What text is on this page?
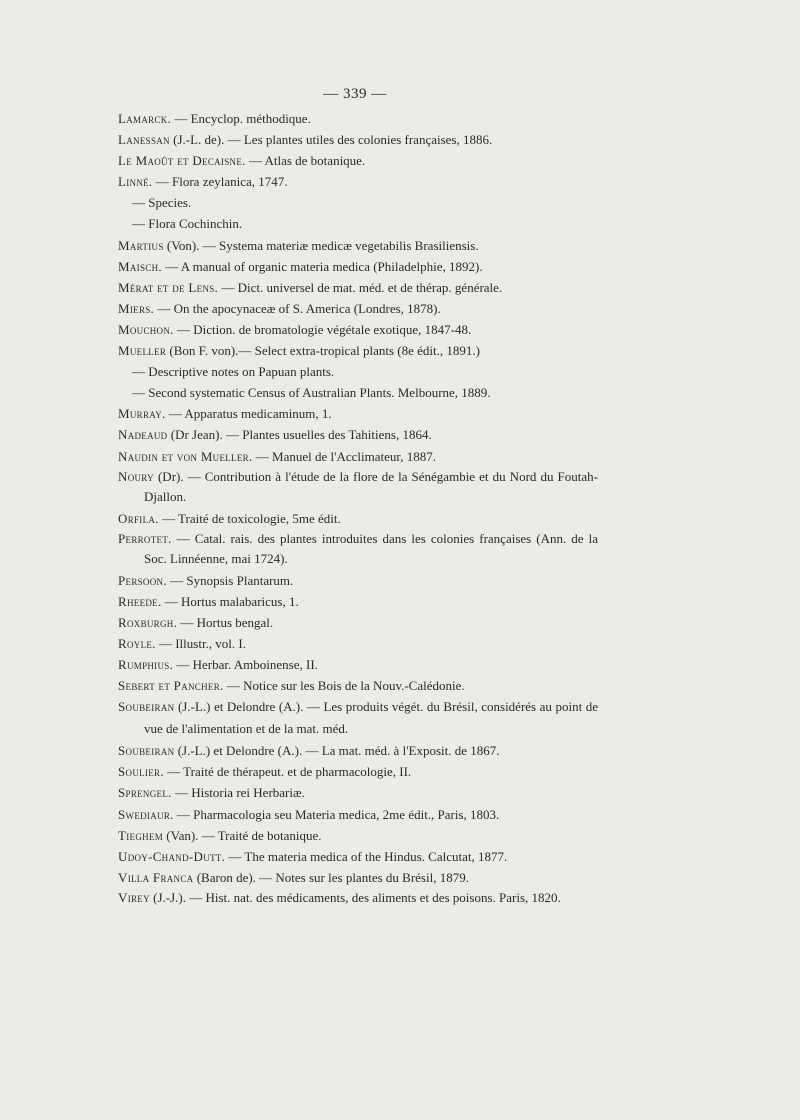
— 339 —
Lamarck. — Encyclop. méthodique.
Lanessan (J.-L. de). — Les plantes utiles des colonies françaises, 1886.
Le Maoût et Decaisne. — Atlas de botanique.
Linné. — Flora zeylanica, 1747.
— Species.
— Flora Cochinchin.
Martius (Von). — Systema materiæ medicæ vegetabilis Brasiliensis.
Maisch. — A manual of organic materia medica (Philadelphie, 1892).
Mérat et de Lens. — Dict. universel de mat. méd. et de thérap. générale.
Miers. — On the apocynaceæ of S. America (Londres, 1878).
Mouchon. — Diction. de bromatologie végétale exotique, 1847-48.
Mueller (Bon F. von).— Select extra-tropical plants (8e édit., 1891.)
— Descriptive notes on Papuan plants.
— Second systematic Census of Australian Plants. Melbourne, 1889.
Murray. — Apparatus medicaminum, 1.
Nadeaud (Dr Jean). — Plantes usuelles des Tahitiens, 1864.
Naudin et von Mueller. — Manuel de l'Acclimateur, 1887.
Noury (Dr). — Contribution à l'étude de la flore de la Sénégambie et du Nord du Foutah-Djallon.
Orfila. — Traité de toxicologie, 5me édit.
Perrotet. — Catal. rais. des plantes introduites dans les colonies françaises (Ann. de la Soc. Linnéenne, mai 1724).
Persoon. — Synopsis Plantarum.
Rheede. — Hortus malabaricus, 1.
Roxburgh. — Hortus bengal.
Royle. — Illustr., vol. I.
Rumphius. — Herbar. Amboinense, II.
Sebert et Pancher. — Notice sur les Bois de la Nouv.-Calédonie.
Soubeiran (J.-L.) et Delondre (A.). — Les produits végét. du Brésil, considérés au point de vue de l'alimentation et de la mat. méd.
Soubeiran (J.-L.) et Delondre (A.). — La mat. méd. à l'Exposit. de 1867.
Soulier. — Traité de thérapeut. et de pharmacologie, II.
Sprengel. — Historia rei Herbariæ.
Swediaur. — Pharmacologia seu Materia medica, 2me édit., Paris, 1803.
Tieghem (Van). — Traité de botanique.
Udoy-Chand-Dutt. — The materia medica of the Hindus. Calcutat, 1877.
Villa Franca (Baron de). — Notes sur les plantes du Brésil, 1879.
Virey (J.-J.). — Hist. nat. des médicaments, des aliments et des poisons. Paris, 1820.
